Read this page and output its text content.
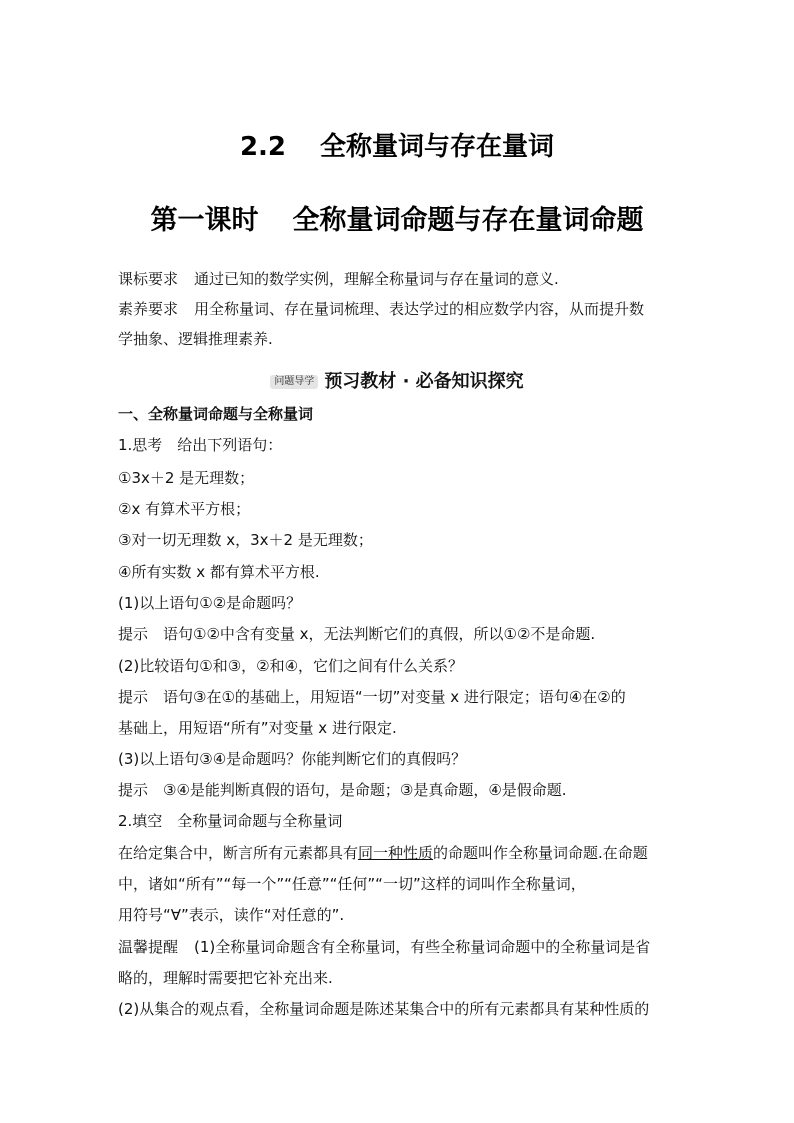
2.2 全称量词与存在量词
第一课时 全称量词命题与存在量词命题
课标要求 通过已知的数学实例，理解全称量词与存在量词的意义.
素养要求 用全称量词、存在量词梳理、表达学过的相应数学内容，从而提升数
学抽象、逻辑推理素养.
问题导学 预习教材 · 必备知识探究
一、全称量词命题与全称量词
1.思考　给出下列语句：
①3x＋2 是无理数；
②x 有算术平方根；
③对一切无理数 x，3x＋2 是无理数；
④所有实数 x 都有算术平方根.
(1)以上语句①②是命题吗？
提示　语句①②中含有变量 x，无法判断它们的真假，所以①②不是命题.
(2)比较语句①和③，②和④，它们之间有什么关系？
提示　语句③在①的基础上，用短语“一切”对变量 x 进行限定；语句④在②的
基础上，用短语“所有”对变量 x 进行限定.
(3)以上语句③④是命题吗？你能判断它们的真假吗？
提示　③④是能判断真假的语句，是命题；③是真命题，④是假命题.
2.填空　全称量词命题与全称量词
在给定集合中，断言所有元素都具有同一种性质的命题叫作全称量词命题.在命题
中，诸如“所有”“每一个”“任意”“任何”“一切”这样的词叫作全称量词，
用符号“∀”表示，读作“对任意的”.
温馨提醒 (1)全称量词命题含有全称量词，有些全称量词命题中的全称量词是省
略的，理解时需要把它补充出来.
(2)从集合的观点看，全称量词命题是陈述某集合中的所有元素都具有某种性质的
